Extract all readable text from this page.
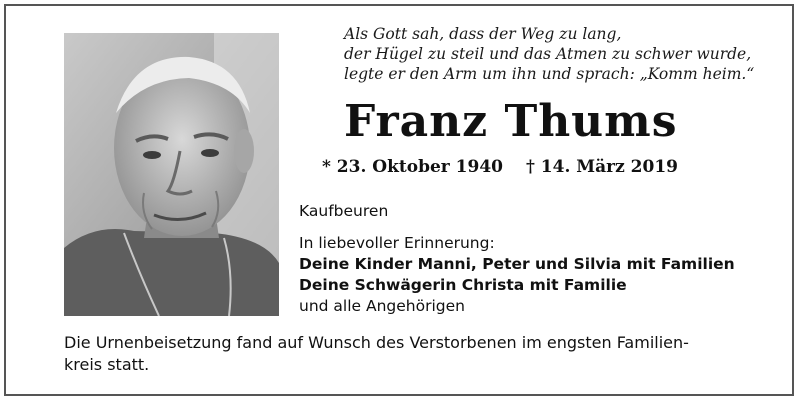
Als Gott sah, dass der Weg zu lang,
der Hügel zu steil und das Atmen zu schwer wurde,
legte er den Arm um ihn und sprach: „Komm heim.“
Franz Thums
* 23. Oktober 1940 † 14. März 2019
Kaufbeuren
In liebevoller Erinnerung:
Deine Kinder Manni, Peter und Silvia mit Familien
Deine Schwägerin Christa mit Familie
und alle Angehörigen
Die Urnenbeisetzung fand auf Wunsch des Verstorbenen im engsten Familien-
kreis statt.
